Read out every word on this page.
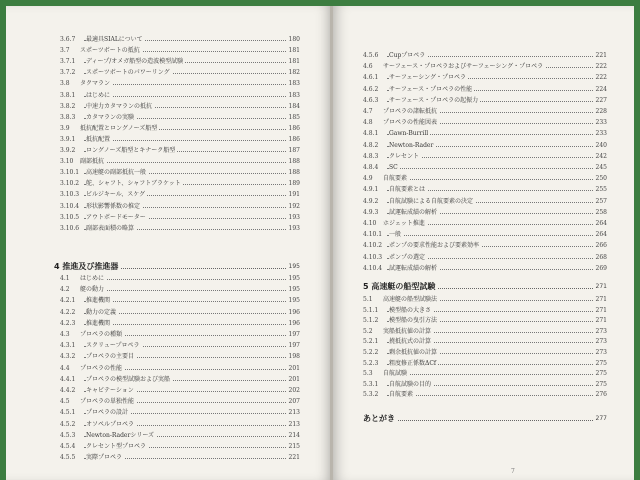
3.6.7 最適具SIALについて	180
3.7 スポーツボートの抵抗	181
3.7.1 ディープ/オメガ船型の造波模型試験	181
3.7.2 スポーツボートのパワーリング	182
3.8 タクマラン	183
3.8.1 はじめに	183
3.8.2 中速力カタマランの抵抗	184
3.8.3 カタマランの実験	185
3.9 抵抗配置とロングノーズ船型	186
3.9.1 抵抗配置	186
3.9.2 ロングノーズ船型とキナーク船型	187
3.10 副部抵抗	188
3.10.1 高速艇の副部抵抗一般	188
3.10.2 舵、シャフト、シャフトブラケット	189
3.10.3 ビルジキール、スケグ	191
3.10.4 形状影響係数の推定	192
3.10.5 アウトボードモーター	193
3.10.6 副部表面積の略算	193
4 推進及び推進器	195
4.1 はじめに	195
4.2 艇の動力	195
4.2.1 推進機関	195
4.2.2 動力の定義	196
4.2.3 推進機関	196
4.3 プロペラの種類	197
4.3.1 スクリュープロペラ	197
4.3.2 プロペラの主要目	198
4.4 プロペラの性能	201
4.4.1 プロペラの模型試験および実船	201
4.4.2 キャビテーション	202
4.5 プロペラの単独性能	207
4.5.1 プロペラの設計	213
4.5.2 オソペルプロペラ	213
4.5.3 Newton-Raderシリーズ	214
4.5.4 クレセント型プロペラ	215
4.5.5 実際プロペラ	221
7
4.5.6 Cupプロペラ	221
4.6 サーフェース・プロペラおよびサーフェーシング・プロペラ	222
4.6.1 サーフェーシング・プロペラ	222
4.6.2 サーフェース・プロペラの性能	224
4.6.3 サーフェース・プロペラの起振力	227
4.7 プロペラの諸転抵抗	228
4.8 プロペラの性能図表	233
4.8.1 Gawn-Burrill	233
4.8.2 Newton-Rader	240
4.8.3 クレセント	242
4.8.4 SC	245
4.9 自航要素	250
4.9.1 自航要素とは	255
4.9.2 自航試験による自航要素の決定	257
4.9.3 試運転成績の解析	258
4.10 ホジェット推進	264
4.10.1 一般	264
4.10.2 ポンプの要求性能および要素効率	266
4.10.3 ポンプの選定	268
4.10.4 試運転成績の解析	269
5 高速艇の船型試験	271
5.1 高速艇の船型試験法	271
5.1.1 模型船の大きさ	271
5.1.2 模型船の曳引方法	271
5.2 実船抵抗値の計算	273
5.2.1 撓抵抗式の計算	273
5.2.2 剰余抵抗値の計算	273
5.2.3 粗度修正係数ΔCf	275
5.3 自航試験	275
5.3.1 自航試験の目的	275
5.3.2 自航要素	276
あとがき	277
